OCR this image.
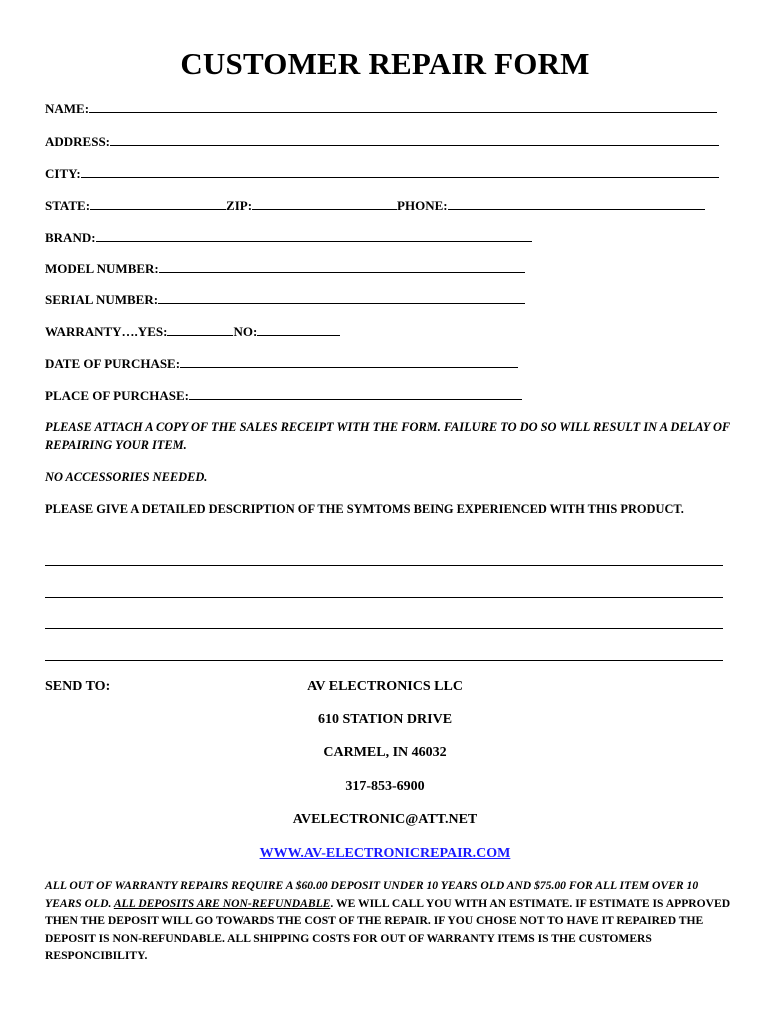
CUSTOMER REPAIR FORM
NAME:
ADDRESS:
CITY:
STATE:	ZIP:	PHONE:
BRAND:
MODEL NUMBER:
SERIAL NUMBER:
WARRANTY….YES:	NO:
DATE OF PURCHASE:
PLACE OF PURCHASE:
PLEASE ATTACH A COPY OF THE SALES RECEIPT WITH THE FORM. FAILURE TO DO SO WILL RESULT IN A DELAY OF REPAIRING YOUR ITEM.
NO ACCESSORIES NEEDED.
PLEASE GIVE A DETAILED DESCRIPTION OF THE SYMTOMS BEING EXPERIENCED WITH THIS PRODUCT.
SEND TO:	AV ELECTRONICS LLC
610 STATION DRIVE
CARMEL, IN 46032
317-853-6900
AVELECTRONIC@ATT.NET
WWW.AV-ELECTRONICREPAIR.COM
ALL OUT OF WARRANTY REPAIRS REQUIRE A $60.00 DEPOSIT UNDER 10 YEARS OLD AND $75.00 FOR ALL ITEM OVER 10 YEARS OLD. ALL DEPOSITS ARE NON-REFUNDABLE. WE WILL CALL YOU WITH AN ESTIMATE. IF ESTIMATE IS APPROVED THEN THE DEPOSIT WILL GO TOWARDS THE COST OF THE REPAIR. IF YOU CHOSE NOT TO HAVE IT REPAIRED THE DEPOSIT IS NON-REFUNDABLE. ALL SHIPPING COSTS FOR OUT OF WARRANTY ITEMS IS THE CUSTOMERS RESPONCIBILITY.
